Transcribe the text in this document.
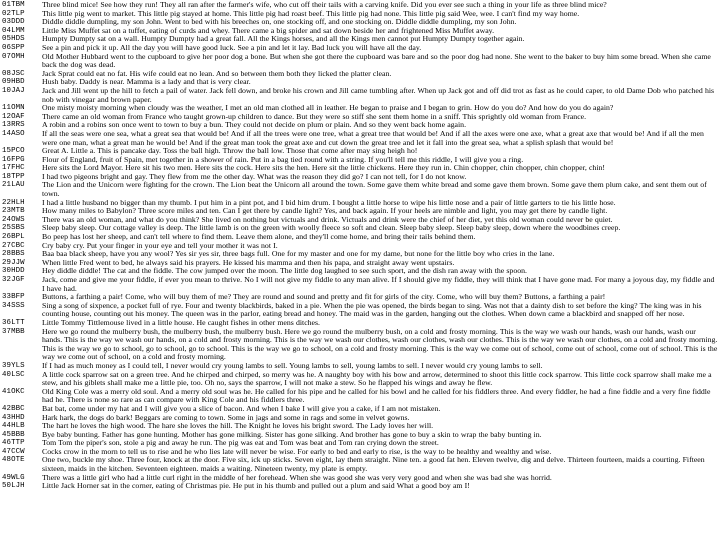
01TBM	Three blind mice! See how they run! They all ran after the farmer's wife, who cut off their tails with a carving knife. Did you ever see such a thing in your life as three blind mice?
02TLP	This little pig went to market. This little pig stayed at home. This little pig had roast beef. This little pig had none. This little pig said Wee, wee. I can't find my way home.
03DDD	Diddle diddle dumpling, my son John. Went to bed with his breeches on, one stocking off, and one stocking on. Diddle diddle dumpling, my son John.
04LMM	Little Miss Muffet sat on a tuffet, eating of curds and whey. There came a big spider and sat down beside her and frightened Miss Muffet away.
05HDS	Humpty Dumpty sat on a wall. Humpty Dumpty had a great fall. All the Kings horses, and all the Kings men cannot put Humpty Dumpty together again.
06SPP	See a pin and pick it up. All the day you will have good luck. See a pin and let it lay. Bad luck you will have all the day.
07OMH	Old Mother Hubbard went to the cupboard to give her poor dog a bone. But when she got there the cupboard was bare and so the poor dog had none. She went to the baker to buy him some bread. When she came back the dog was dead.
08JSC	Jack Sprat could eat no fat. His wife could eat no lean. And so between them both they licked the platter clean.
09HBD	Hush baby. Daddy is near. Mamma is a lady and that is very clear.
10JAJ	Jack and Jill went up the hill to fetch a pail of water. Jack fell down, and broke his crown and Jill came tumbling after. When up Jack got and off did trot as fast as he could caper, to old Dame Dob who patched his nob with vinegar and brown paper.
11OMN	One misty moisty morning when cloudy was the weather, I met an old man clothed all in leather. He began to praise and I began to grin. How do you do? And how do you do again?
12OAF	There came an old woman from France who taught grown-up children to dance. But they were so stiff she sent them home in a sniff. This sprightly old woman from France.
13RRS	A robin and a robins son once went to town to buy a bun. They could not decide on plum or plain. And so they went back home again.
14ASO	If all the seas were one sea, what a great sea that would be! And if all the trees were one tree, what a great tree that would be! And if all the axes were one axe, what a great axe that would be! And if all the men were one man, what a great man he would be! And if the great man took the great axe and cut down the great tree and let it fall into the great sea, what a splish splash that would be!
15PCO	Great A. Little a. This is pancake day. Toss the ball high. Throw the ball low. Those that come after may sing heigh ho!
16FPG	Flour of England, fruit of Spain, met together in a shower of rain. Put in a bag tied round with a string. If you'll tell me this riddle, I will give you a ring.
17FHC	Here sits the Lord Mayor. Here sit his two men. Here sits the cock. Here sits the hen. Here sit the little chickens. Here they run in. Chin chopper, chin chopper, chin chopper, chin!
18TPP	I had two pigeons bright and gay. They flew from me the other day. What was the reason they did go? I can not tell, for I do not know.
21LAU	The Lion and the Unicorn were fighting for the crown. The Lion beat the Unicorn all around the town. Some gave them white bread and some gave them brown. Some gave them plum cake, and sent them out of town.
22HLH	I had a little husband no bigger than my thumb. I put him in a pint pot, and I bid him drum. I bought a little horse to wipe his little nose and a pair of little garters to tie his little hose.
23MTB	How many miles to Babylon? Three score miles and ten. Can I get there by candle light? Yes, and back again. If your heels are nimble and light, you may get there by candle light.
24OWS	There was an old woman, and what do you think? She lived on nothing but victuals and drink. Victuals and drink were the chief of her diet, yet this old woman could never be quiet.
25SBS	Sleep baby sleep. Our cottage valley is deep. The little lamb is on the green with woolly fleece so soft and clean. Sleep baby sleep. Sleep baby sleep, down where the woodbines creep.
26BPL	Bo peep has lost her sheep, and can't tell where to find them. Leave them alone, and they'll come home, and bring their tails behind them.
27CBC	Cry baby cry. Put your finger in your eye and tell your mother it was not I.
28BBS	Baa baa black sheep, have you any wool? Yes sir yes sir, three bags full. One for my master and one for my dame, but none for the little boy who cries in the lane.
29JJW	When little Fred went to bed, he always said his prayers. He kissed his mamma and then his papa, and straight away went upstairs.
30HDD	Hey diddle diddle! The cat and the fiddle. The cow jumped over the moon. The little dog laughed to see such sport, and the dish ran away with the spoon.
32JGF	Jack, come and give me your fiddle, if ever you mean to thrive. No I will not give my fiddle to any man alive. If I should give my fiddle, they will think that I have gone mad. For many a joyous day, my fiddle and I have had.
33BFP	Buttons, a farthing a pair! Come, who will buy them of me? They are round and sound and pretty and fit for girls of the city. Come, who will buy them? Buttons, a farthing a pair!
34SSS	Sing a song of sixpence, a pocket full of rye. Four and twenty blackbirds, baked in a pie. When the pie was opened, the birds began to sing. Was not that a dainty dish to set before the king? The king was in his counting house, counting out his money. The queen was in the parlor, eating bread and honey. The maid was in the garden, hanging out the clothes. When down came a blackbird and snapped off her nose.
36LTT	Little Tommy Tittlemouse lived in a little house. He caught fishes in other mens ditches.
37MBB	Here we go round the mulberry bush, the mulberry bush, the mulberry bush. Here we go round the mulberry bush, on a cold and frosty morning. This is the way we wash our hands, wash our hands, wash our hands. This is the way we wash our hands, on a cold and frosty morning. This is the way we wash our clothes, wash our clothes, wash our clothes. This is the way we wash our clothes, on a cold and frosty morning. This is the way we go to school, go to school, go to school. This is the way we go to school, on a cold and frosty morning. This is the way we come out of school, come out of school, come out of school. This is the way we come out of school, on a cold and frosty morning.
39YLS	If I had as much money as I could tell, I never would cry young lambs to sell. Young lambs to sell, young lambs to sell. I never would cry young lambs to sell.
40LSC	A little cock sparrow sat on a green tree. And he chirped and chirped, so merry was he. A naughty boy with his bow and arrow, determined to shoot this little cock sparrow. This little cock sparrow shall make me a stew, and his giblets shall make me a little pie, too. Oh no, says the sparrow, I will not make a stew. So he flapped his wings and away he flew.
41OKC	Old King Cole was a merry old soul. And a merry old soul was he. He called for his pipe and he called for his bowl and he called for his fiddlers three. And every fiddler, he had a fine fiddle and a very fine fiddle had he. There is none so rare as can compare with King Cole and his fiddlers three.
42BBC	Bat bat, come under my hat and I will give you a slice of bacon. And when I bake I will give you a cake, if I am not mistaken.
43HHD	Hark hark, the dogs do bark! Beggars are coming to town. Some in jags and some in rags and some in velvet gowns.
44HLB	The hart he loves the high wood. The hare she loves the hill. The Knight he loves his bright sword. The Lady loves her will.
45BBB	Bye baby bunting. Father has gone hunting. Mother has gone milking. Sister has gone silking. And brother has gone to buy a skin to wrap the baby bunting in.
46TTP	Tom Tom the piper's son, stole a pig and away he run. The pig was eat and Tom was beat and Tom ran crying down the street.
47CCW	Cocks crow in the morn to tell us to rise and he who lies late will never be wise. For early to bed and early to rise, is the way to be healthy and wealthy and wise.
48OTE	One two, buckle my shoe. Three four, knock at the door. Five six, ick up sticks. Seven eight, lay them straight. Nine ten. a good fat hen. Eleven twelve, dig and delve. Thirteen fourteen, maids a courting. Fifteen sixteen, maids in the kitchen. Seventeen eighteen. maids a waiting. Nineteen twenty, my plate is empty.
49WLG	There was a little girl who had a little curl right in the middle of her forehead. When she was good she was very very good and when she was bad she was horrid.
50LJH	Little Jack Horner sat in the corner, eating of Christmas pie. He put in his thumb and pulled out a plum and said What a good boy am I!
